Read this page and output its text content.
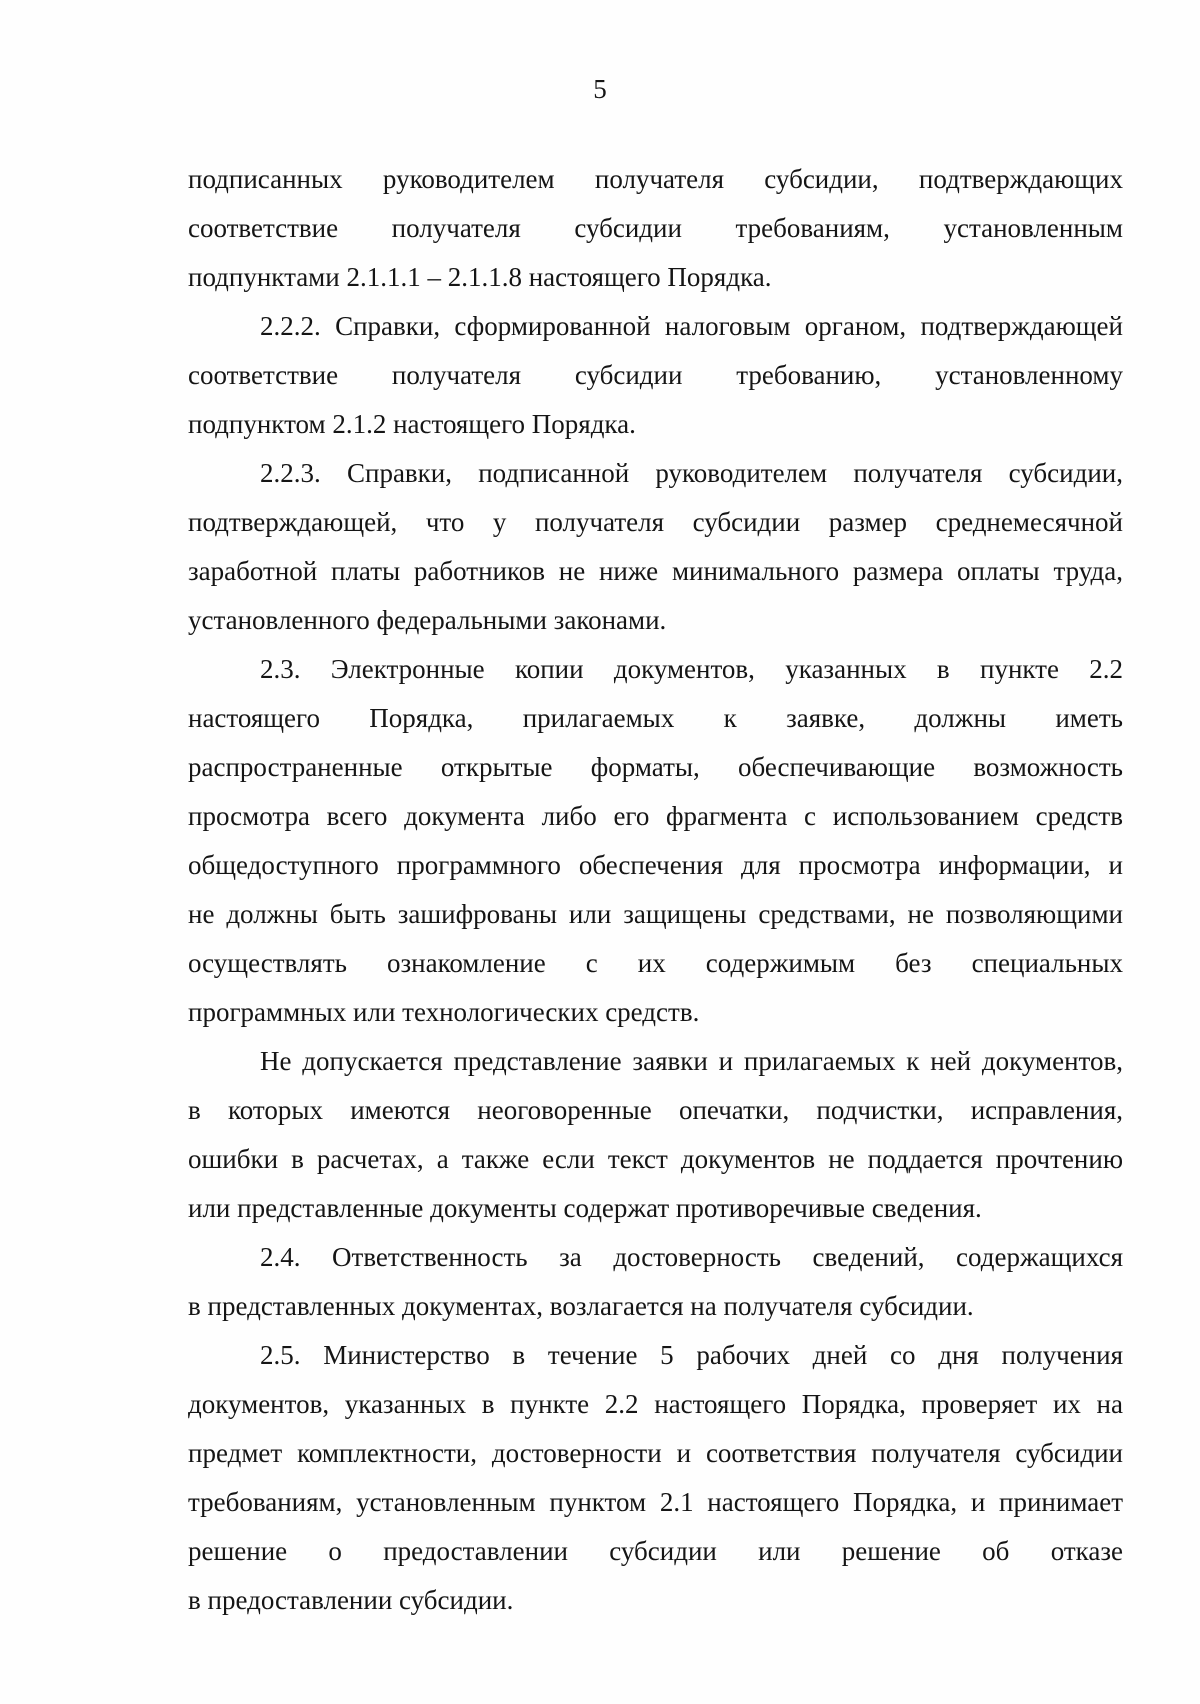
5
подписанных руководителем получателя субсидии, подтверждающих
соответствие получателя субсидии требованиям, установленным
подпунктами 2.1.1.1 – 2.1.1.8 настоящего Порядка.
2.2.2. Справки, сформированной налоговым органом, подтверждающей
соответствие получателя субсидии требованию, установленному
подпунктом 2.1.2 настоящего Порядка.
2.2.3. Справки, подписанной руководителем получателя субсидии,
подтверждающей, что у получателя субсидии размер среднемесячной
заработной платы работников не ниже минимального размера оплаты труда,
установленного федеральными законами.
2.3. Электронные копии документов, указанных в пункте 2.2
настоящего Порядка, прилагаемых к заявке, должны иметь
распространенные открытые форматы, обеспечивающие возможность
просмотра всего документа либо его фрагмента с использованием средств
общедоступного программного обеспечения для просмотра информации, и
не должны быть зашифрованы или защищены средствами, не позволяющими
осуществлять ознакомление с их содержимым без специальных
программных или технологических средств.
Не допускается представление заявки и прилагаемых к ней документов,
в которых имеются неоговоренные опечатки, подчистки, исправления,
ошибки в расчетах, а также если текст документов не поддается прочтению
или представленные документы содержат противоречивые сведения.
2.4. Ответственность за достоверность сведений, содержащихся
в представленных документах, возлагается на получателя субсидии.
2.5. Министерство в течение 5 рабочих дней со дня получения
документов, указанных в пункте 2.2 настоящего Порядка, проверяет их на
предмет комплектности, достоверности и соответствия получателя субсидии
требованиям, установленным пунктом 2.1 настоящего Порядка, и принимает
решение о предоставлении субсидии или решение об отказе
в предоставлении субсидии.
